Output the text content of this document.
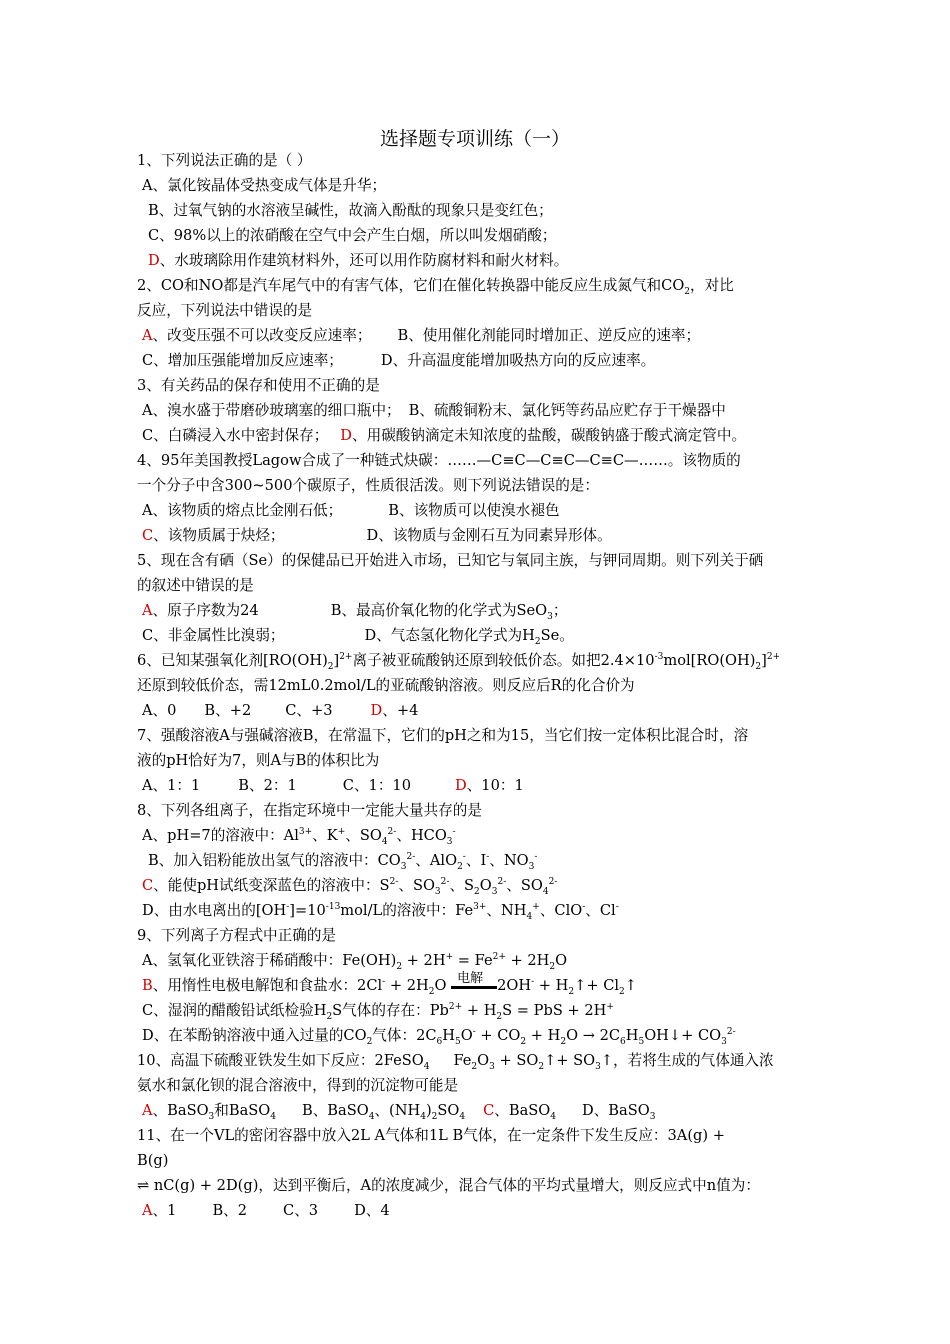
选择题专项训练（一）
1、下列说法正确的是（ ）
A、氯化铵晶体受热变成气体是升华；
B、过氧气钠的水溶液呈碱性，故滴入酚酞的现象只是变红色；
C、98%以上的浓硝酸在空气中会产生白烟，所以叫发烟硝酸；
D、水玻璃除用作建筑材料外，还可以用作防腐材料和耐火材料。
2、CO和NO都是汽车尾气中的有害气体，它们在催化转换器中能反应生成氮气和$CO_2$，对比
反应，下列说法中错误的是
A、改变压强不可以改变反应速率； B、使用催化剂能同时增加正、逆反应的速率；
C、增加压强能增加反应速率；	D、升高温度能增加吸热方向的反应速率。
3、有关药品的保存和使用不正确的是
A、溴水盛于带磨砂玻璃塞的细口瓶中； B、硫酸铜粉末、氯化钙等药品应贮存于干燥器中
C、白磷浸入水中密封保存； D、用碳酸钠滴定未知浓度的盐酸，碳酸钠盛于酸式滴定管中。
4、95年美国教授Lagow合成了一种链式炔碳：……—C≡C—C≡C—C≡C—……。该物质的
一个分子中含300~500个碳原子，性质很活泼。则下列说法错误的是：
A、该物质的熔点比金刚石低；	B、该物质可以使溴水褪色
C、该物质属于炔烃；	D、该物质与金刚石互为同素异形体。
5、现在含有硒（Se）的保健品已开始进入市场，已知它与氧同主族，与钾同周期。则下列关于硒
的叙述中错误的是
A、原子序数为24	B、最高价氧化物的化学式为SeO$_3$；
C、非金属性比溴弱；	D、气态氢化物化学式为$H_2Se$。
6、已知某强氧化剂$[RO(OH)_2]^{2+}$离子被亚硫酸钠还原到较低价态。如把$2.4\times 10^{-3}mol[RO(OH)_2]^{2+}$
还原到较低价态，需12mL0.2mol/L的亚硫酸钠溶液。则反应后R的化合价为
A、0 B、+2 C、+3	D、+4
7、强酸溶液A与强碱溶液B，在常温下，它们的pH之和为15，当它们按一定体积比混合时，溶
液的pH恰好为7，则A与B的体积比为
A、1：1	B、2：1	C、1：10	D、10：1
8、下列各组离子，在指定环境中一定能大量共存的是
A、pH=7的溶液中：$Al^{3+}$、K+、$SO_4^{2-}$、$HCO_3^-$
B、加入铝粉能放出氢气的溶液中：$CO_3^{2-}$、AlO$_2$-、I-、$NO_3^-$
C、能使pH试纸变深蓝色的溶液中：$S^{2-}$、$SO_3^{2-}$、$S_2O_3^{2-}$、$SO_4^{2-}$
D、由水电离出的$[OH^-]=10^{-13}mol/L$的溶液中：$Fe^{3+}$、$NH_4^+$、ClO-、Cl-
9、下列离子方程式中正确的是
A、氢氧化亚铁溶于稀硝酸中：$Fe(OH)_2 + 2H^+ = Fe^{2+} + 2H_2O$
B、用惰性电极电解饱和食盐水：$2Cl^- + 2H_2O$ 电解 $2OH^- + H_2↑+$ $Cl_2↑$
C、湿润的醋酸铅试纸检验$H_2S$气体的存在：$Pb^{2+} + H_2S$ = PbS + 2H+
D、在苯酚钠溶液中通入过量的$CO_2$气体：$2C_6H_5O^- + CO_2 + H_2O$ → $2C_6H_5OH↓+ CO_3^{2-}$
10、高温下硫酸亚铁发生如下反应：2FeSO$_4$ $Fe_2O_3$ + $SO_2↑+$ $SO_3↑$，若将生成的气体通入浓
氨水和氯化钡的混合溶液中，得到的沉淀物可能是
A、BaSO$_3$和BaSO$_4$ B、BaSO$_4$、$(NH_4)_2SO_4$ C、BaSO$_4$ D、BaSO$_3$
11、在一个VL的密闭容器中放入2L A气体和1L B气体，在一定条件下发生反应：3A(g) +
B(g)
⇌ nC(g) + 2D(g)，达到平衡后，A的浓度减少，混合气体的平均式量增大，则反应式中n值为：
A、1 B、2 C、3 D、4
